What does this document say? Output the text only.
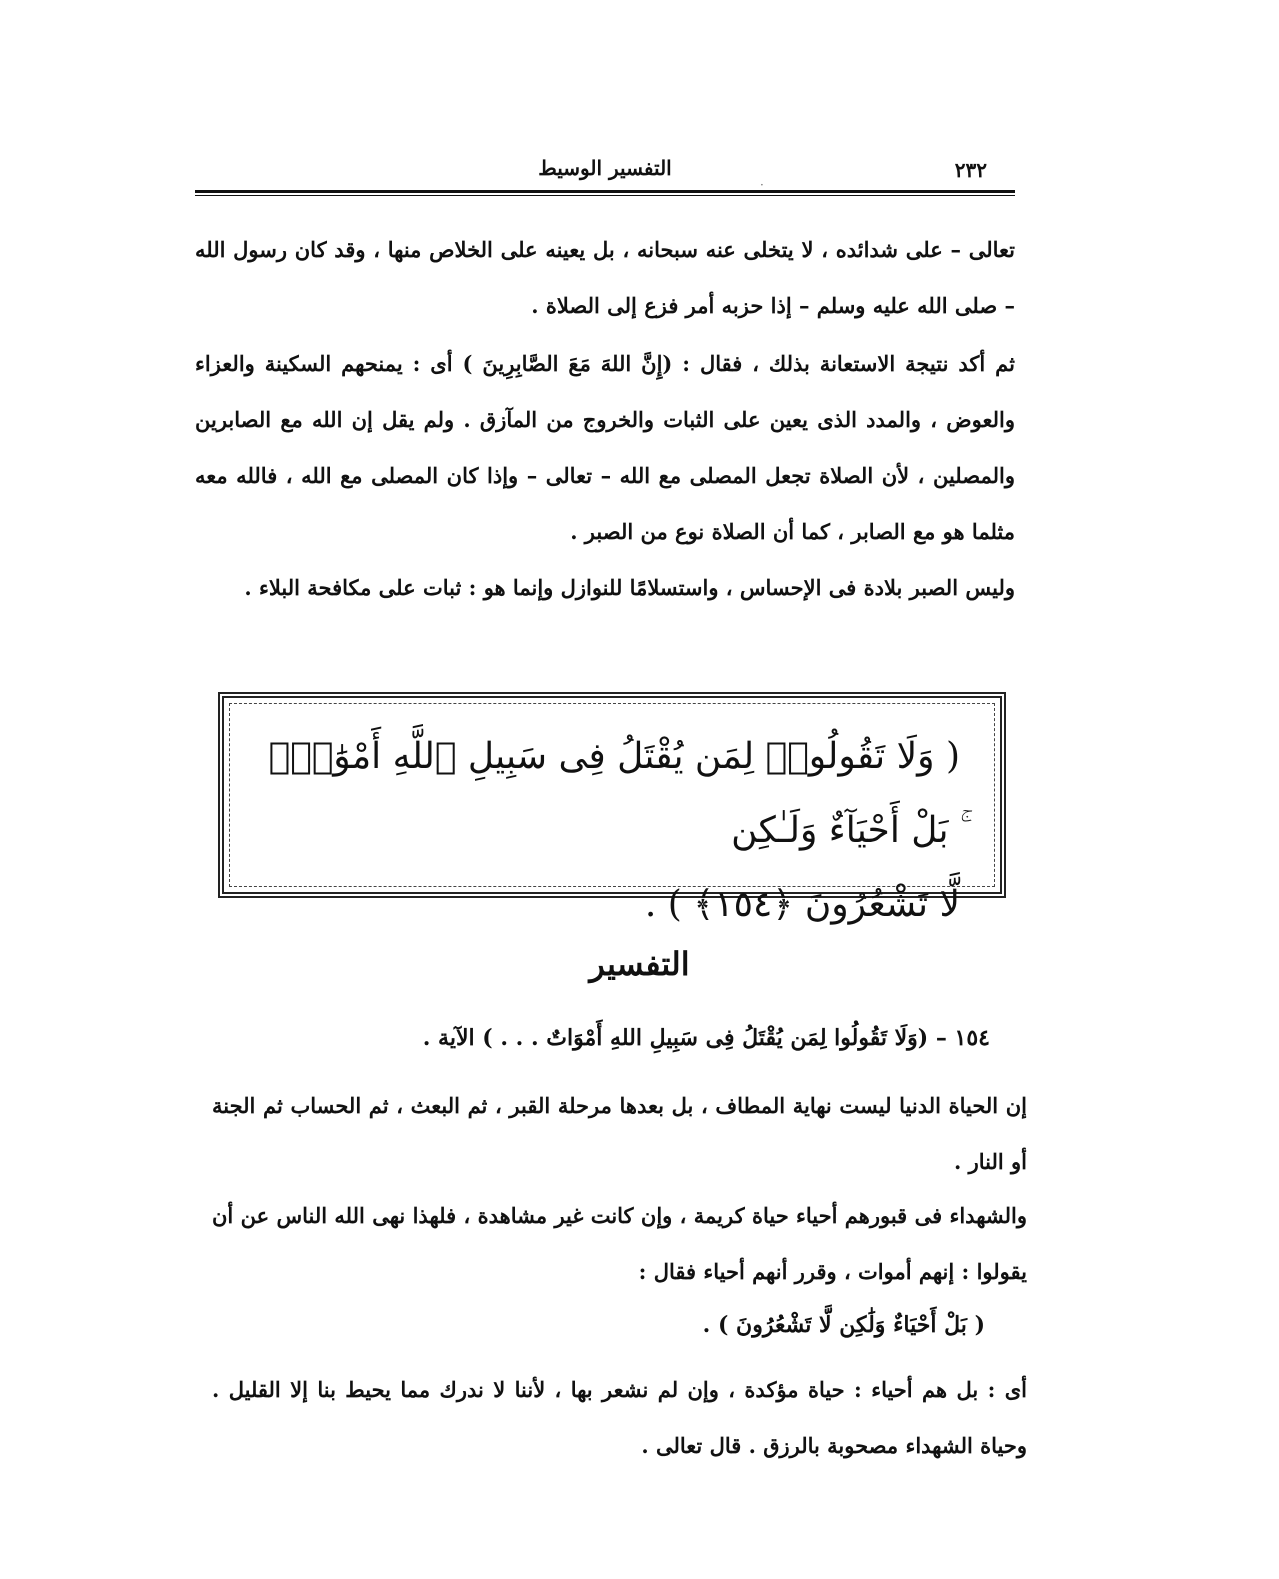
٢٣٢
التفسير الوسيط

تعالى – على شدائده ، لا يتخلى عنه سبحانه ، بل يعينه على الخلاص منها ، وقد كان رسول الله – صلى الله عليه وسلم – إذا حزبه أمر فزع إلى الصلاة .

ثم أكد نتيجة الاستعانة بذلك ، فقال : (إِنَّ اللهَ مَعَ الصَّابِرِينَ ) أى : يمنحهم السكينة والعزاء والعوض ، والمدد الذى يعين على الثبات والخروج من المآزق . ولم يقل إن الله مع الصابرين والمصلين ، لأن الصلاة تجعل المصلى مع الله – تعالى – وإذا كان المصلى مع الله ، فالله معه مثلما هو مع الصابر ، كما أن الصلاة نوع من الصبر .

وليس الصبر بلادة فى الإحساس ، واستسلامًا للنوازل وإنما هو : ثبات على مكافحة البلاء .

( وَلَا تَقُولُوا۟ لِمَن يُقْتَلُ فِى سَبِيلِ ٱللَّهِ أَمْوَٰتٌۢ ۚ بَلْ أَحْيَآءٌ وَلَـٰكِن
لَّا تَشْعُرُونَ ﴿١٥٤﴾ ) .
التفسير
١٥٤ – (وَلَا تَقُولُوا لِمَن يُقْتَلُ فِى سَبِيلِ اللهِ أَمْوَاتٌ . . . ) الآية .

إن الحياة الدنيا ليست نهاية المطاف ، بل بعدها مرحلة القبر ، ثم البعث ، ثم الحساب ثم الجنة أو النار .

والشهداء فى قبورهم أحياء حياة كريمة ، وإن كانت غير مشاهدة ، فلهذا نهى الله الناس عن أن يقولوا : إنهم أموات ، وقرر أنهم أحياء فقال :

( بَلْ أَحْيَاءٌ وَلَٰكِن لَّا تَشْعُرُونَ ) .

أى : بل هم أحياء : حياة مؤكدة ، وإن لم نشعر بها ، لأننا لا ندرك مما يحيط بنا إلا القليل . وحياة الشهداء مصحوبة بالرزق . قال تعالى .

·
